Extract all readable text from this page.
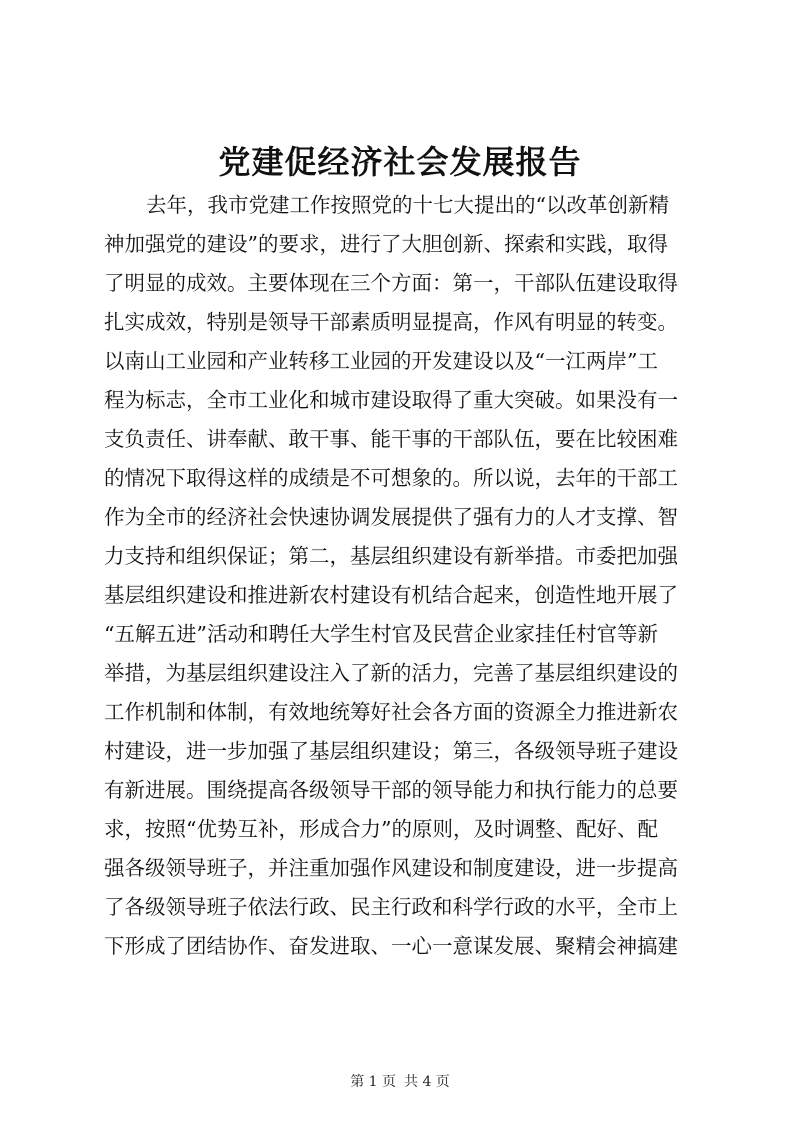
党建促经济社会发展报告
去年，我市党建工作按照党的十七大提出的“以改革创新精
神加强党的建设”的要求，进行了大胆创新、探索和实践，取得
了明显的成效。主要体现在三个方面：第一，干部队伍建设取得
扎实成效，特别是领导干部素质明显提高，作风有明显的转变。
以南山工业园和产业转移工业园的开发建设以及“一江两岸”工
程为标志，全市工业化和城市建设取得了重大突破。如果没有一
支负责任、讲奉献、敢干事、能干事的干部队伍，要在比较困难
的情况下取得这样的成绩是不可想象的。所以说，去年的干部工
作为全市的经济社会快速协调发展提供了强有力的人才支撑、智
力支持和组织保证；第二，基层组织建设有新举措。市委把加强
基层组织建设和推进新农村建设有机结合起来，创造性地开展了
“五解五进”活动和聘任大学生村官及民营企业家挂任村官等新
举措，为基层组织建设注入了新的活力，完善了基层组织建设的
工作机制和体制，有效地统筹好社会各方面的资源全力推进新农
村建设，进一步加强了基层组织建设；第三，各级领导班子建设
有新进展。围绕提高各级领导干部的领导能力和执行能力的总要
求，按照“优势互补，形成合力”的原则，及时调整、配好、配
强各级领导班子，并注重加强作风建设和制度建设，进一步提高
了各级领导班子依法行政、民主行政和科学行政的水平，全市上
下形成了团结协作、奋发进取、一心一意谋发展、聚精会神搞建
第 1 页 共 4 页
